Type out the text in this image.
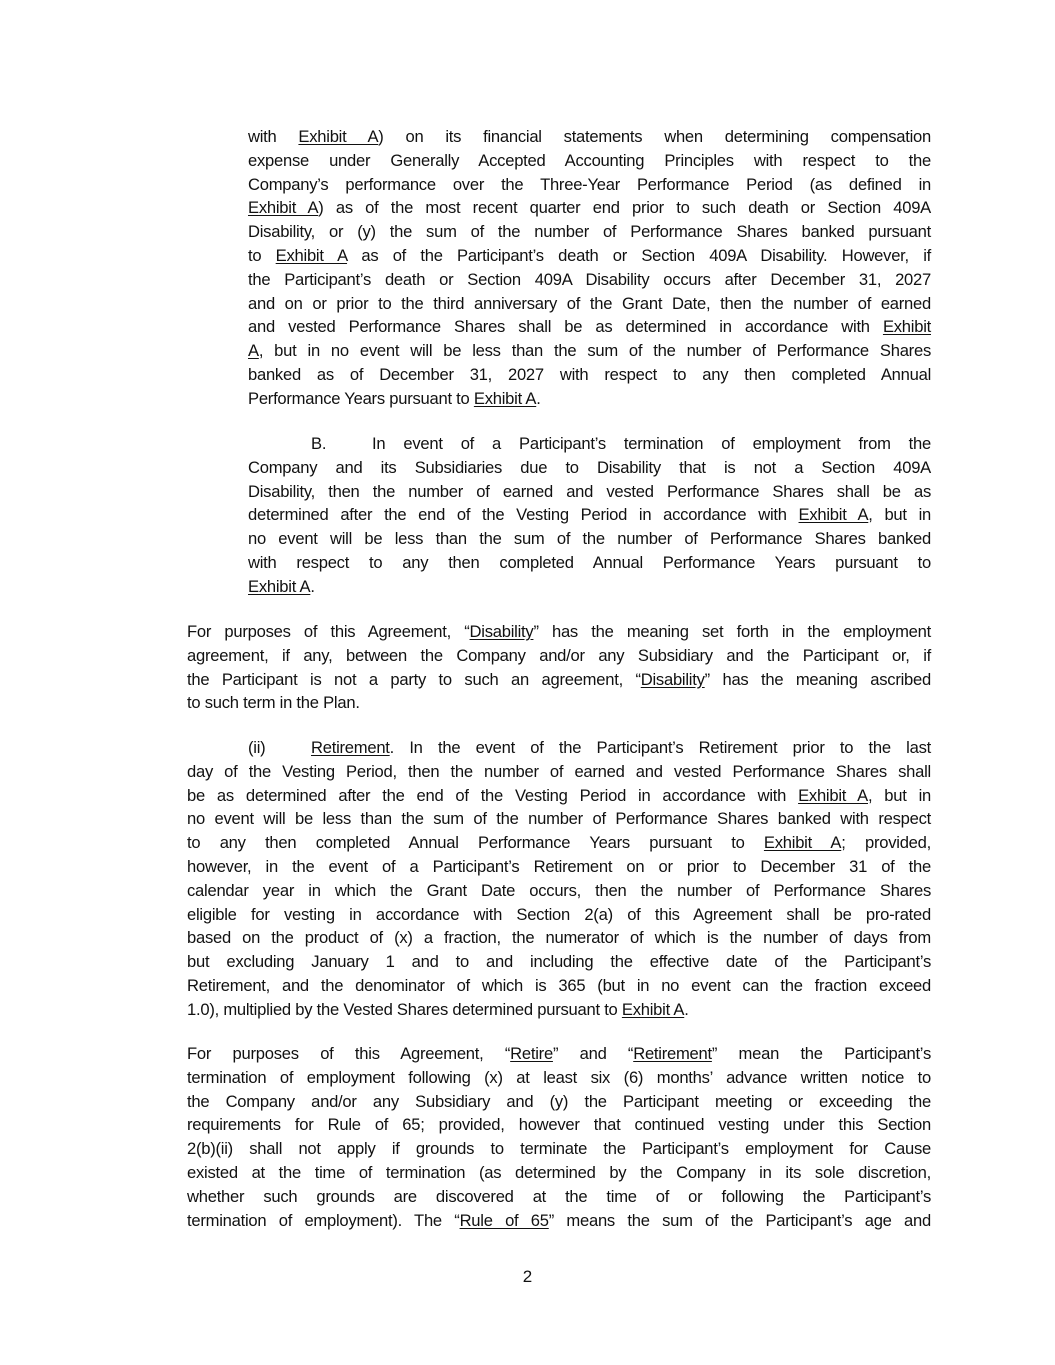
with Exhibit A) on its financial statements when determining compensation
expense under Generally Accepted Accounting Principles with respect to the
Company’s performance over the Three-Year Performance Period (as defined in
Exhibit A) as of the most recent quarter end prior to such death or Section 409A
Disability, or (y) the sum of the number of Performance Shares banked pursuant
to Exhibit A as of the Participant’s death or Section 409A Disability. However, if
the Participant’s death or Section 409A Disability occurs after December 31, 2027
and on or prior to the third anniversary of the Grant Date, then the number of earned
and vested Performance Shares shall be as determined in accordance with Exhibit
A, but in no event will be less than the sum of the number of Performance Shares
banked as of December 31, 2027 with respect to any then completed Annual
Performance Years pursuant to Exhibit A.
B.	In event of a Participant’s termination of employment from the
Company and its Subsidiaries due to Disability that is not a Section 409A
Disability, then the number of earned and vested Performance Shares shall be as
determined after the end of the Vesting Period in accordance with Exhibit A, but in
no event will be less than the sum of the number of Performance Shares banked
with respect to any then completed Annual Performance Years pursuant to
Exhibit A.
For purposes of this Agreement, “Disability” has the meaning set forth in the employment
agreement, if any, between the Company and/or any Subsidiary and the Participant or, if
the Participant is not a party to such an agreement, “Disability” has the meaning ascribed
to such term in the Plan.
(ii)	Retirement. In the event of the Participant’s Retirement prior to the last
day of the Vesting Period, then the number of earned and vested Performance Shares shall
be as determined after the end of the Vesting Period in accordance with Exhibit A, but in
no event will be less than the sum of the number of Performance Shares banked with respect
to any then completed Annual Performance Years pursuant to Exhibit A; provided,
however, in the event of a Participant’s Retirement on or prior to December 31 of the
calendar year in which the Grant Date occurs, then the number of Performance Shares
eligible for vesting in accordance with Section 2(a) of this Agreement shall be pro-rated
based on the product of (x) a fraction, the numerator of which is the number of days from
but excluding January 1 and to and including the effective date of the Participant’s
Retirement, and the denominator of which is 365 (but in no event can the fraction exceed
1.0), multiplied by the Vested Shares determined pursuant to Exhibit A.
For purposes of this Agreement, “Retire” and “Retirement” mean the Participant’s
termination of employment following (x) at least six (6) months’ advance written notice to
the Company and/or any Subsidiary and (y) the Participant meeting or exceeding the
requirements for Rule of 65; provided, however that continued vesting under this Section
2(b)(ii) shall not apply if grounds to terminate the Participant’s employment for Cause
existed at the time of termination (as determined by the Company in its sole discretion,
whether such grounds are discovered at the time of or following the Participant’s
termination of employment). The “Rule of 65” means the sum of the Participant’s age and
2
